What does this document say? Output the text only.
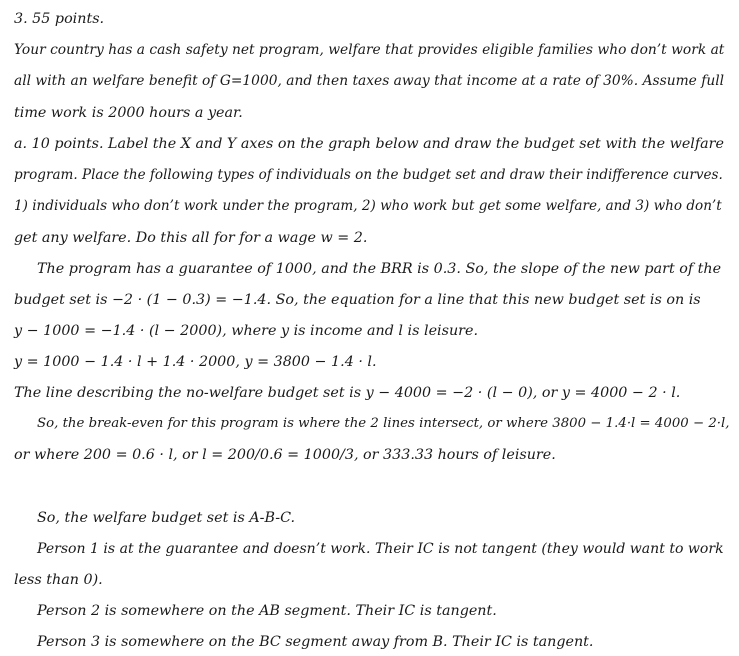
3. 55 points.
Your country has a cash safety net program, welfare that provides eligible families who don’t work at
all with an welfare benefit of G=1000, and then taxes away that income at a rate of 30%. Assume full
time work is 2000 hours a year.
a. 10 points. Label the X and Y axes on the graph below and draw the budget set with the welfare
program. Place the following types of individuals on the budget set and draw their indifference curves.
1) individuals who don’t work under the program, 2) who work but get some welfare, and 3) who don’t
get any welfare. Do this all for for a wage w = 2.
The program has a guarantee of 1000, and the BRR is 0.3. So, the slope of the new part of the
budget set is −2 · (1 − 0.3) = −1.4. So, the equation for a line that this new budget set is on is
y − 1000 = −1.4 · (l − 2000), where y is income and l is leisure.
y = 1000 − 1.4 · l + 1.4 · 2000, y = 3800 − 1.4 · l.
The line describing the no-welfare budget set is y − 4000 = −2 · (l − 0), or y = 4000 − 2 · l.
So, the break-even for this program is where the 2 lines intersect, or where 3800 − 1.4·l = 4000 − 2·l,
or where 200 = 0.6 · l, or l = 200/0.6 = 1000/3, or 333.33 hours of leisure.
So, the welfare budget set is A-B-C.
Person 1 is at the guarantee and doesn’t work. Their IC is not tangent (they would want to work
less than 0).
Person 2 is somewhere on the AB segment. Their IC is tangent.
Person 3 is somewhere on the BC segment away from B. Their IC is tangent.
